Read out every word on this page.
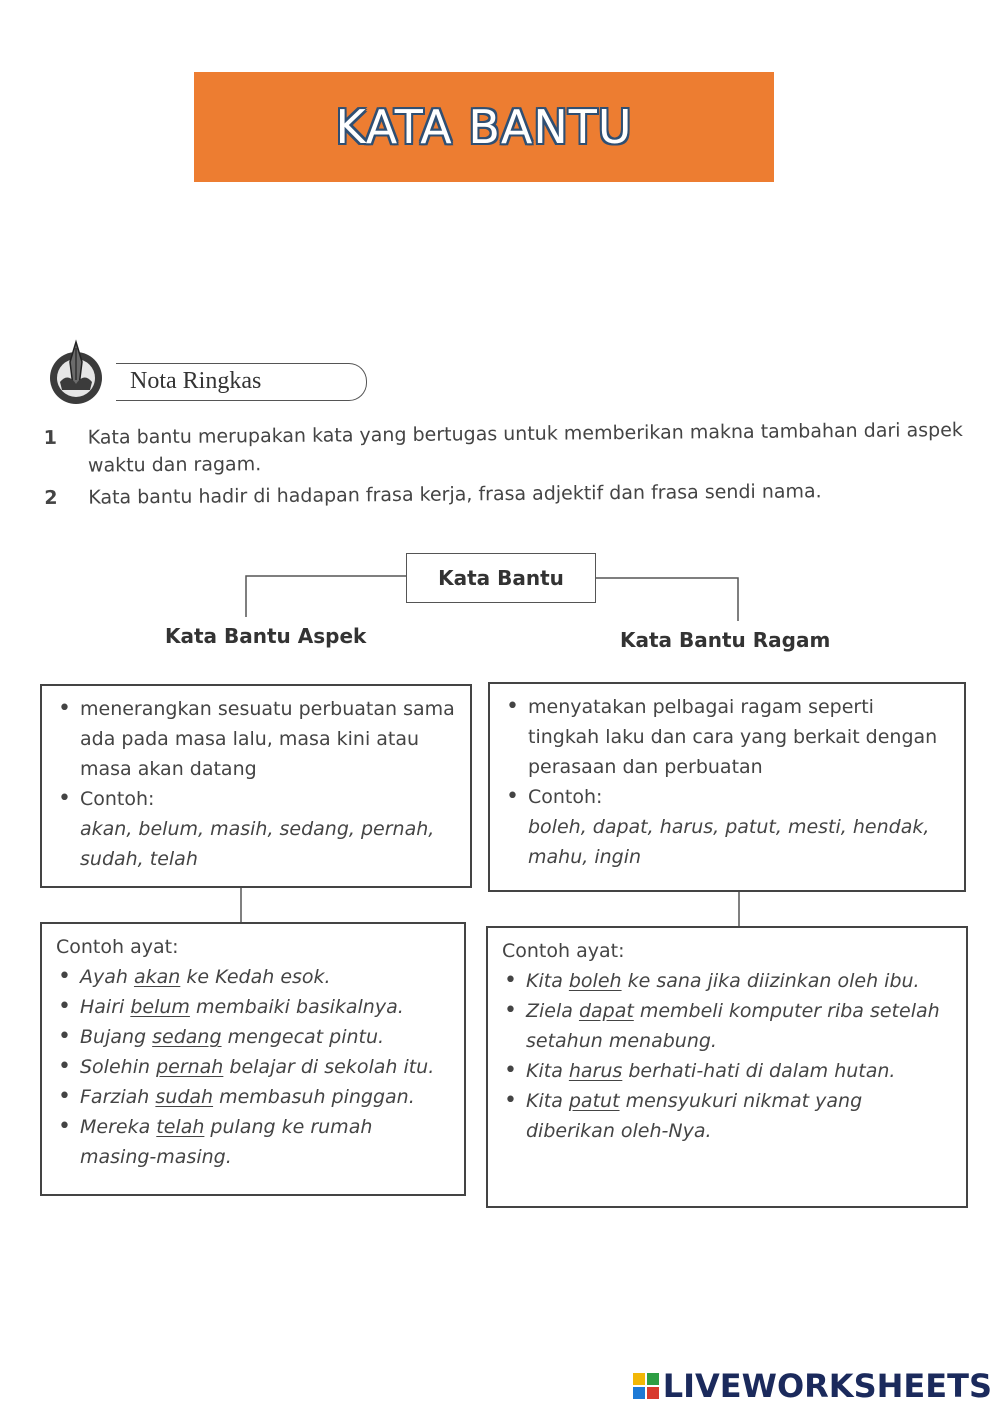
KATA BANTU
Nota Ringkas
1	Kata bantu merupakan kata yang bertugas untuk memberikan makna tambahan dari aspek waktu dan ragam.
2	Kata bantu hadir di hadapan frasa kerja, frasa adjektif dan frasa sendi nama.
Kata Bantu
Kata Bantu Aspek	Kata Bantu Ragam
• menerangkan sesuatu perbuatan sama ada pada masa lalu, masa kini atau masa akan datang
• Contoh:
akan, belum, masih, sedang, pernah, sudah, telah
• menyatakan pelbagai ragam seperti tingkah laku dan cara yang berkait dengan perasaan dan perbuatan
• Contoh:
boleh, dapat, harus, patut, mesti, hendak, mahu, ingin
Contoh ayat:
• Ayah akan ke Kedah esok.
• Hairi belum membaiki basikalnya.
• Bujang sedang mengecat pintu.
• Solehin pernah belajar di sekolah itu.
• Farziah sudah membasuh pinggan.
• Mereka telah pulang ke rumah masing-masing.
Contoh ayat:
• Kita boleh ke sana jika diizinkan oleh ibu.
• Ziela dapat membeli komputer riba setelah setahun menabung.
• Kita harus berhati-hati di dalam hutan.
• Kita patut mensyukuri nikmat yang diberikan oleh-Nya.
LIVEWORKSHEETS
